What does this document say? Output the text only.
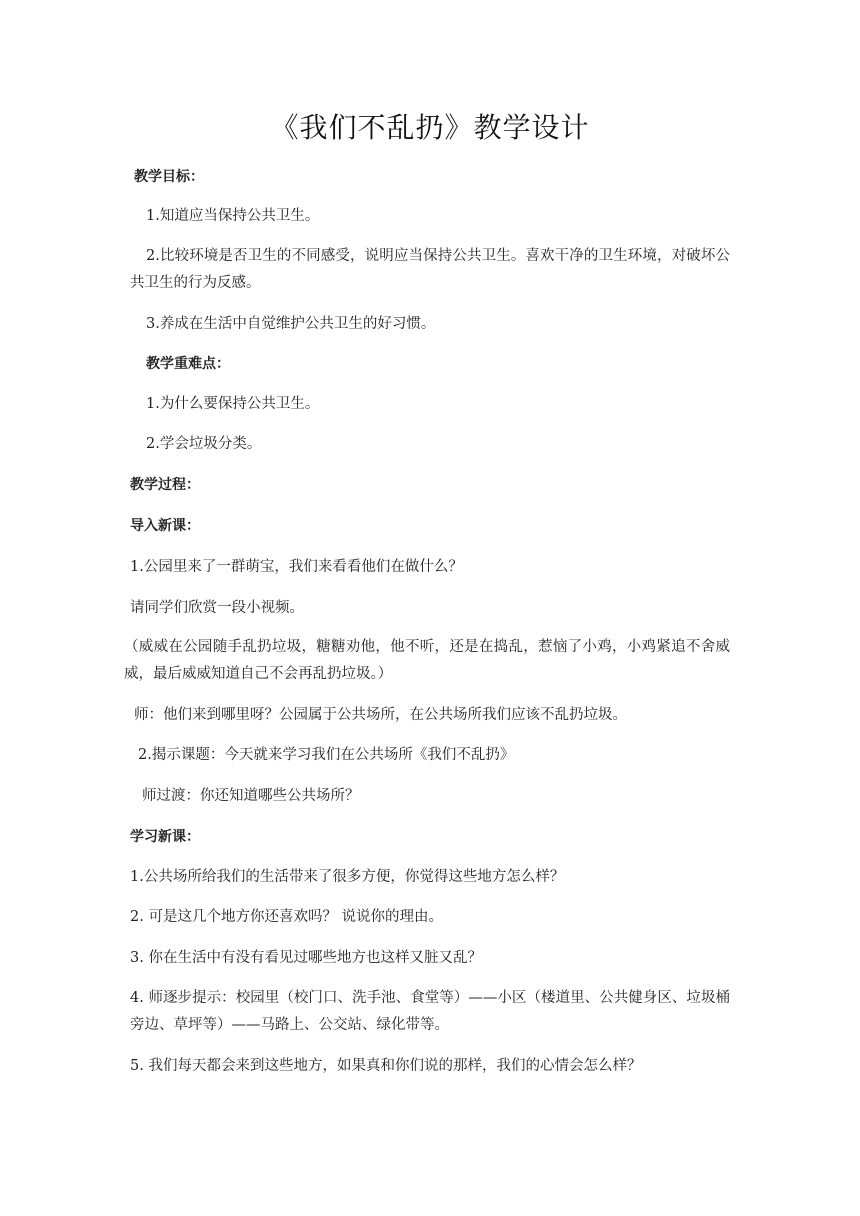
《我们不乱扔》教学设计
教学目标：
1.知道应当保持公共卫生。
2.比较环境是否卫生的不同感受，说明应当保持公共卫生。喜欢干净的卫生环境，对破坏公共卫生的行为反感。
3.养成在生活中自觉维护公共卫生的好习惯。
教学重难点：
1.为什么要保持公共卫生。
2.学会垃圾分类。
教学过程：
导入新课：
1.公园里来了一群萌宝，我们来看看他们在做什么？
请同学们欣赏一段小视频。
（威威在公园随手乱扔垃圾，糖糖劝他，他不听，还是在捣乱，惹恼了小鸡，小鸡紧追不舍威威，最后威威知道自己不会再乱扔垃圾。）
师：他们来到哪里呀？公园属于公共场所，在公共场所我们应该不乱扔垃圾。
2.揭示课题：今天就来学习我们在公共场所《我们不乱扔》
师过渡：你还知道哪些公共场所？
学习新课：
1.公共场所给我们的生活带来了很多方便，你觉得这些地方怎么样？
2. 可是这几个地方你还喜欢吗？ 说说你的理由。
3. 你在生活中有没有看见过哪些地方也这样又脏又乱？
4. 师逐步提示：校园里（校门口、洗手池、食堂等）——小区（楼道里、公共健身区、垃圾桶旁边、草坪等）——马路上、公交站、绿化带等。
5. 我们每天都会来到这些地方，如果真和你们说的那样，我们的心情会怎么样？
